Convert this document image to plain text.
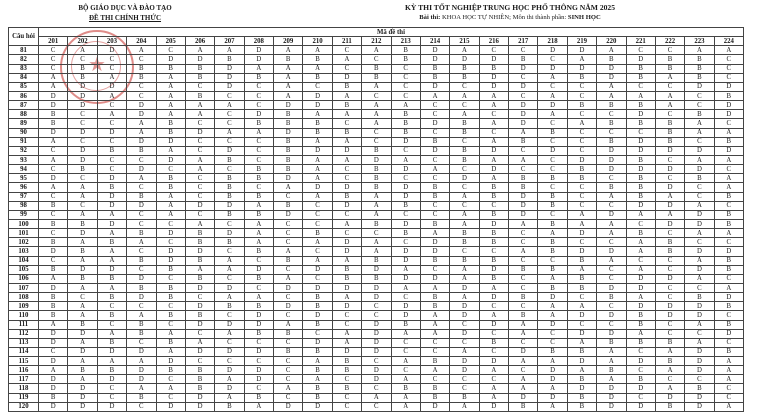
BỘ GIÁO DỤC VÀ ĐÀO TẠO
ĐỀ THI CHÍNH THỨC
KỲ THI TỐT NGHIỆP TRUNG HỌC PHỔ THÔNG NĂM 2025
Bài thi: KHOA HỌC TỰ NHIÊN; Môn thi thành phần: SINH HỌC
★
Câu hỏi	Mã đề thi																							
	201	202	203	204	205	206	207	208	209	210	211	212	213	214	215	216	217	218	219	220	221	222	223	224
81	C	A	D	A	C	A	A	D	A	A	C	A	B	D	A	C	C	D	D	A	C	C	A	A
82	C	C	C	C	D	D	B	D	B	B	A	C	B	D	D	D	B	C	A	B	D	B	B	C
83	C	B	C	B	B	B	D	A	A	A	C	B	C	B	B	B	D	D	D	D	B	B	B	C
84	A	B	A	B	A	B	D	B	A	B	D	B	C	B	B	D	C	A	B	D	B	A	B	C
85	A	D	D	C	A	C	D	C	A	C	B	A	C	D	C	D	D	C	C	A	C	C	D	D
86	D	D	A	C	A	B	C	C	A	D	A	C	C	A	A	A	C	A	C	A	A	A	C	B
87	D	D	C	D	A	A	A	C	D	D	B	A	A	C	C	A	D	D	B	B	B	A	C	D
88	B	C	A	D	A	A	C	D	B	A	A	A	B	C	A	C	D	A	C	C	D	C	B	D
89	B	C	C	A	B	C	C	B	B	B	C	A	B	D	B	A	D	C	A	B	B	B	A	C
90	D	D	D	A	B	D	A	A	D	B	B	C	B	C	B	C	A	B	C	C	C	B	A	A
91	A	C	C	D	D	C	C	C	B	A	A	C	D	B	C	A	B	C	C	B	D	B	C	B
92	C	D	B	B	A	C	D	C	B	D	D	B	C	D	B	D	C	D	C	D	D	D	D	D
93	A	D	C	C	D	A	B	C	B	A	A	D	A	C	B	A	A	C	D	D	B	C	A	A
94	C	B	C	D	C	A	C	B	B	A	C	B	D	A	C	D	C	C	B	D	D	D	D	C
95	D	C	D	A	B	C	B	B	D	A	C	B	C	C	D	A	B	B	B	C	B	C	B	A
96	A	A	B	C	B	C	B	C	A	D	D	B	D	B	C	B	B	C	C	B	B	D	C	A
97	C	A	D	B	A	C	B	B	C	A	B	A	D	B	A	B	D	B	C	A	B	A	C	B
98	B	C	D	D	A	D	D	A	B	C	D	A	B	C	C	C	D	B	C	C	D	D	A	C
99	C	A	A	C	A	C	B	B	D	C	C	A	C	C	A	B	D	C	A	D	A	A	D	B
100	B	B	D	C	C	A	C	A	C	C	A	B	D	B	A	D	A	B	A	A	C	D	D	B
101	C	D	A	B	D	B	D	A	C	B	C	C	B	A	B	B	C	A	D	A	B	C	A	A
102	B	A	B	A	C	B	B	A	C	A	D	A	C	D	B	B	C	B	C	C	A	B	C	C
103	D	B	A	C	D	D	C	B	A	C	D	A	D	D	C	C	A	B	D	D	A	B	D	D
104	C	A	A	B	D	B	A	C	B	A	A	B	D	B	B	B	C	C	B	A	C	C	A	B
105	B	D	D	C	B	A	A	D	C	D	B	D	A	C	A	D	B	B	A	C	A	C	D	B
106	A	B	B	D	C	B	C	B	A	C	B	B	D	D	A	B	C	A	B	C	D	D	A	C
107	D	A	A	B	B	D	D	C	D	D	D	D	A	A	D	A	C	B	B	D	D	C	C	A
108	B	C	B	D	B	C	A	A	C	B	A	D	C	B	A	D	B	D	C	B	A	C	B	D
109	B	A	C	C	C	D	B	B	D	B	D	C	D	B	D	C	C	A	A	C	D	D	D	B
110	B	A	B	A	B	B	C	D	C	D	C	C	D	A	D	A	B	A	D	D	B	D	D	C
111	A	B	C	B	C	D	D	D	A	B	C	D	B	A	C	D	A	D	C	C	B	C	A	B
112	D	D	A	B	A	C	A	B	B	C	A	D	A	A	D	C	A	C	D	D	A	C	C	D
113	D	A	B	C	B	A	C	C	C	D	A	D	C	C	C	B	C	C	A	B	B	B	A	C
114	C	D	D	D	A	D	D	D	B	B	D	D	C	C	A	C	D	B	B	A	C	A	D	B
115	D	A	A	A	D	C	C	C	C	A	B	C	A	B	D	D	A	A	D	A	D	B	D	A
116	A	B	B	D	B	B	D	D	C	B	B	D	C	A	D	A	C	D	A	B	C	A	D	A
117	D	A	D	D	C	B	A	D	C	A	C	D	A	C	C	C	A	D	B	A	B	C	C	A
118	D	D	C	A	A	B	D	C	A	B	B	C	B	B	C	A	A	A	D	D	D	A	B	C
119	B	D	C	B	C	D	A	B	C	B	C	A	A	B	B	A	D	D	B	D	C	D	D	C
120	D	D	D	C	D	D	B	A	D	D	C	C	A	D	A	D	B	A	B	D	D	B	D	A
